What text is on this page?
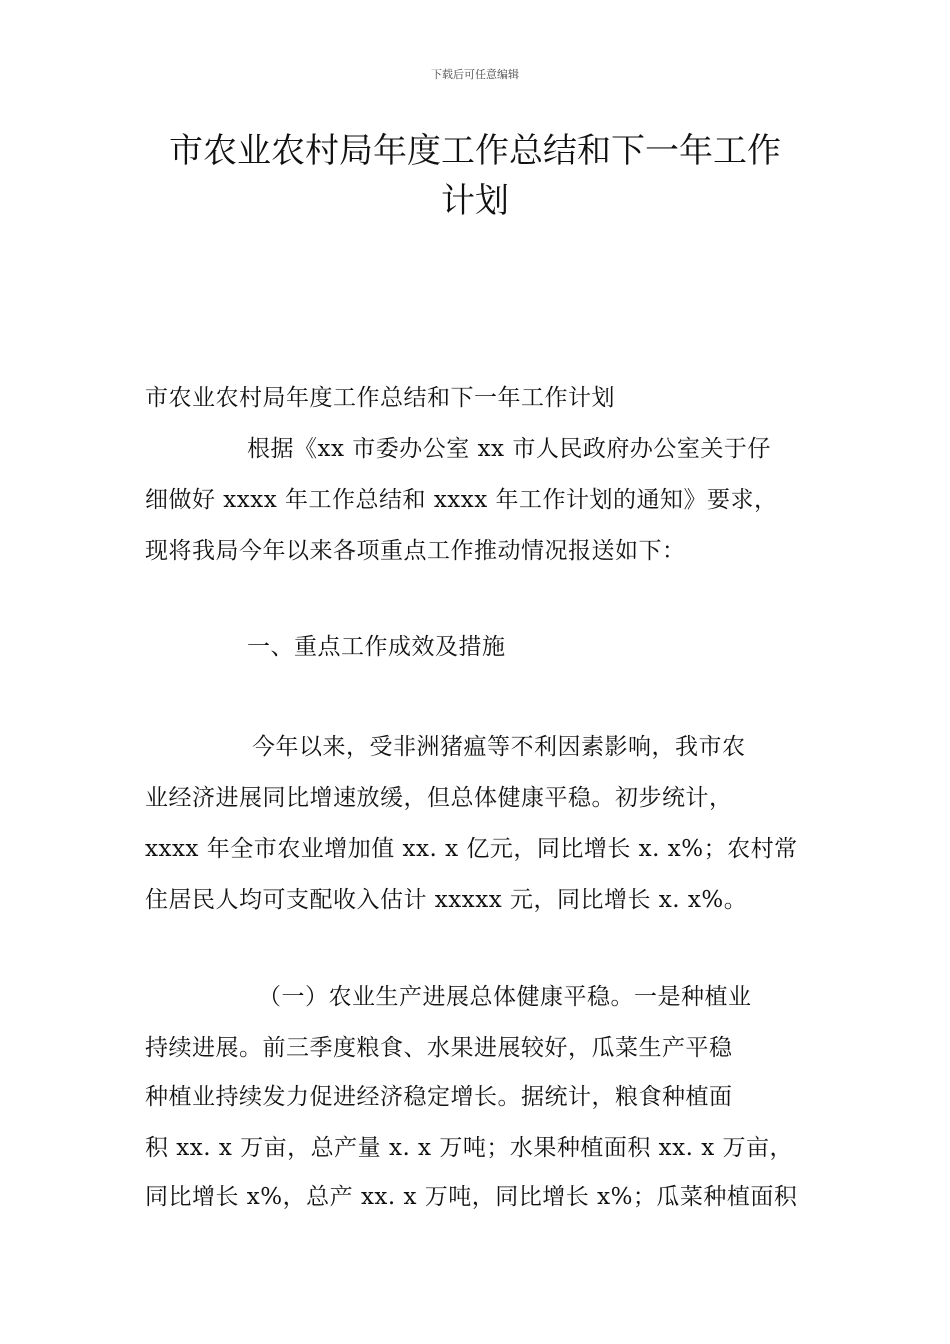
下载后可任意编辑
市农业农村局年度工作总结和下一年工作
计划
市农业农村局年度工作总结和下一年工作计划
根据《xx 市委办公室 xx 市人民政府办公室关于仔
细做好 xxxx 年工作总结和 xxxx 年工作计划的通知》要求，
现将我局今年以来各项重点工作推动情况报送如下：
一、重点工作成效及措施
今年以来，受非洲猪瘟等不利因素影响，我市农
业经济进展同比增速放缓，但总体健康平稳。初步统计，
xxxx 年全市农业增加值 xx. x 亿元，同比增长 x. x%；农村常
住居民人均可支配收入估计 xxxxx 元，同比增长 x. x%。
（一）农业生产进展总体健康平稳。一是种植业
持续进展。前三季度粮食、水果进展较好，瓜菜生产平稳
种植业持续发力促进经济稳定增长。据统计，粮食种植面
积 xx. x 万亩，总产量 x. x 万吨；水果种植面积 xx. x 万亩，
同比增长 x%，总产 xx. x 万吨，同比增长 x%；瓜菜种植面积
